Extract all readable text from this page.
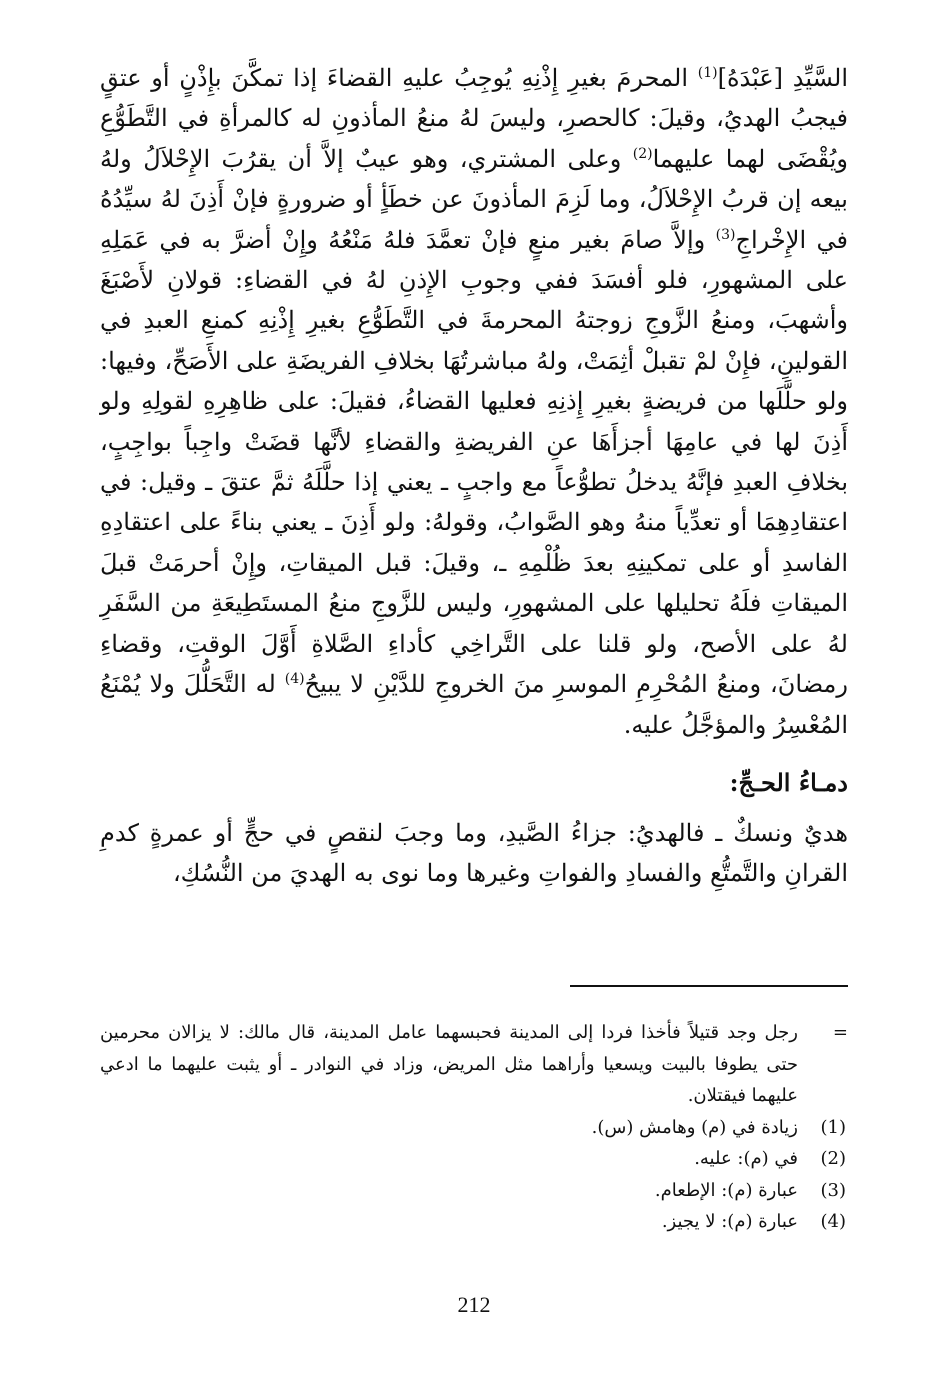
السَّيِّدِ [عَبْدَهُ]$^{(1)}$ المحرمَ بغيرِ إِذْنِهِ يُوجِبُ عليهِ القضاءَ إذا تمكَّنَ بإِذْنٍ أو عتقٍ فيجبُ الهديُ، وقيلَ: كالحصرِ، وليسَ لهُ منعُ المأذونِ له كالمرأةِ في التَّطَوُّعِ ويُقْضَى لهما عليهما$^{(2)}$ وعلى المشتري، وهو عيبٌ إلاَّ أن يقرُبَ الإِحْلاَلُ ولهُ بيعه إن قربُ الإِحْلاَلُ، وما لَزِمَ المأذونَ عن خطَأٍ أو ضرورةٍ فإنْ أَذِنَ لهُ سيِّدُهُ في الإِخْراجِ$^{(3)}$ وإلاَّ صامَ بغير منعٍ فإنْ تعمَّدَ فلهُ مَنْعُهُ وإِنْ أضرَّ به في عَمَلِهِ على المشهورِ، فلو أفسَدَ ففي وجوبِ الإِذنِ لهُ في القضاءِ: قولانِ لأَصْبَغَ وأشهبَ، ومنعُ الزَّوجِ زوجتهُ المحرمةَ في التَّطَوُّعِ بغيرِ إِذْنِهِ كمنعِ العبدِ في القولينِ، فإِنْ لمْ تقبلْ أثِمَتْ، ولهُ مباشرتُهَا بخلافِ الفريضَةِ على الأَصَحِّ، وفيها: ولو حلَّلَها من فريضةٍ بغيرِ إِذنِهِ فعليها القضاءُ، فقيلَ: على ظاهِرِهِ لقولِهِ ولو أَذِنَ لها في عامِهَا أجزأَهَا عنِ الفريضةِ والقضاءِ لأنَّها قضَتْ واجِباً بواجِبٍ، بخلافِ العبدِ فإنَّهُ يدخلُ تطوُّعاً مع واجبٍ ـ يعني إذا حلَّلَهُ ثمَّ عتقَ ـ وقيل: في اعتقادِهِمَا أو تعدِّياً منهُ وهو الصَّوابُ، وقولهُ: ولو أَذِنَ ـ يعني بناءً على اعتقادِهِ الفاسدِ أو على تمكينِهِ بعدَ ظُلْمِهِ ـ، وقيلَ: قبل الميقاتِ، وإِنْ أحرمَتْ قبلَ الميقاتِ فلَهُ تحليلها على المشهورِ، وليس للزَّوجِ منعُ المستَطِيعَةِ من السَّفَرِ لهُ على الأصح، ولو قلنا على التَّراخِي كأداءِ الصَّلاةِ أَوَّلَ الوقتِ، وقضاءِ رمضانَ، ومنعُ المُحْرِمِ الموسرِ منَ الخروجِ للدَّيْنِ لا يبيحُ$^{(4)}$ له التَّحَلُّلَ ولا يُمْنَعُ المُعْسِرُ والمؤجَّلُ عليه.

دمـاءُ الحـجِّ:

هديٌ ونسكٌ ـ فالهديُ: جزاءُ الصَّيدِ، وما وجبَ لنقصٍ في حجٍّ أو عمرةٍ كدمِ القرانِ والتَّمتُّعِ والفسادِ والفواتِ وغيرها وما نوى به الهديَ من النُّسُكِ،

=
رجل وجد قتيلاً فأخذا فردا إلى المدينة فحبسهما عامل المدينة، قال مالك: لا يزالان محرمين حتى يطوفا بالبيت ويسعيا وأراهما مثل المريض، وزاد في النوادر ـ أو يثبت عليهما ما ادعي عليهما فيقتلان.
(1)
زيادة في (م) وهامش (س).
(2)
في (م): عليه.
(3)
عبارة (م): الإطعام.
(4)
عبارة (م): لا يجيز.
212
